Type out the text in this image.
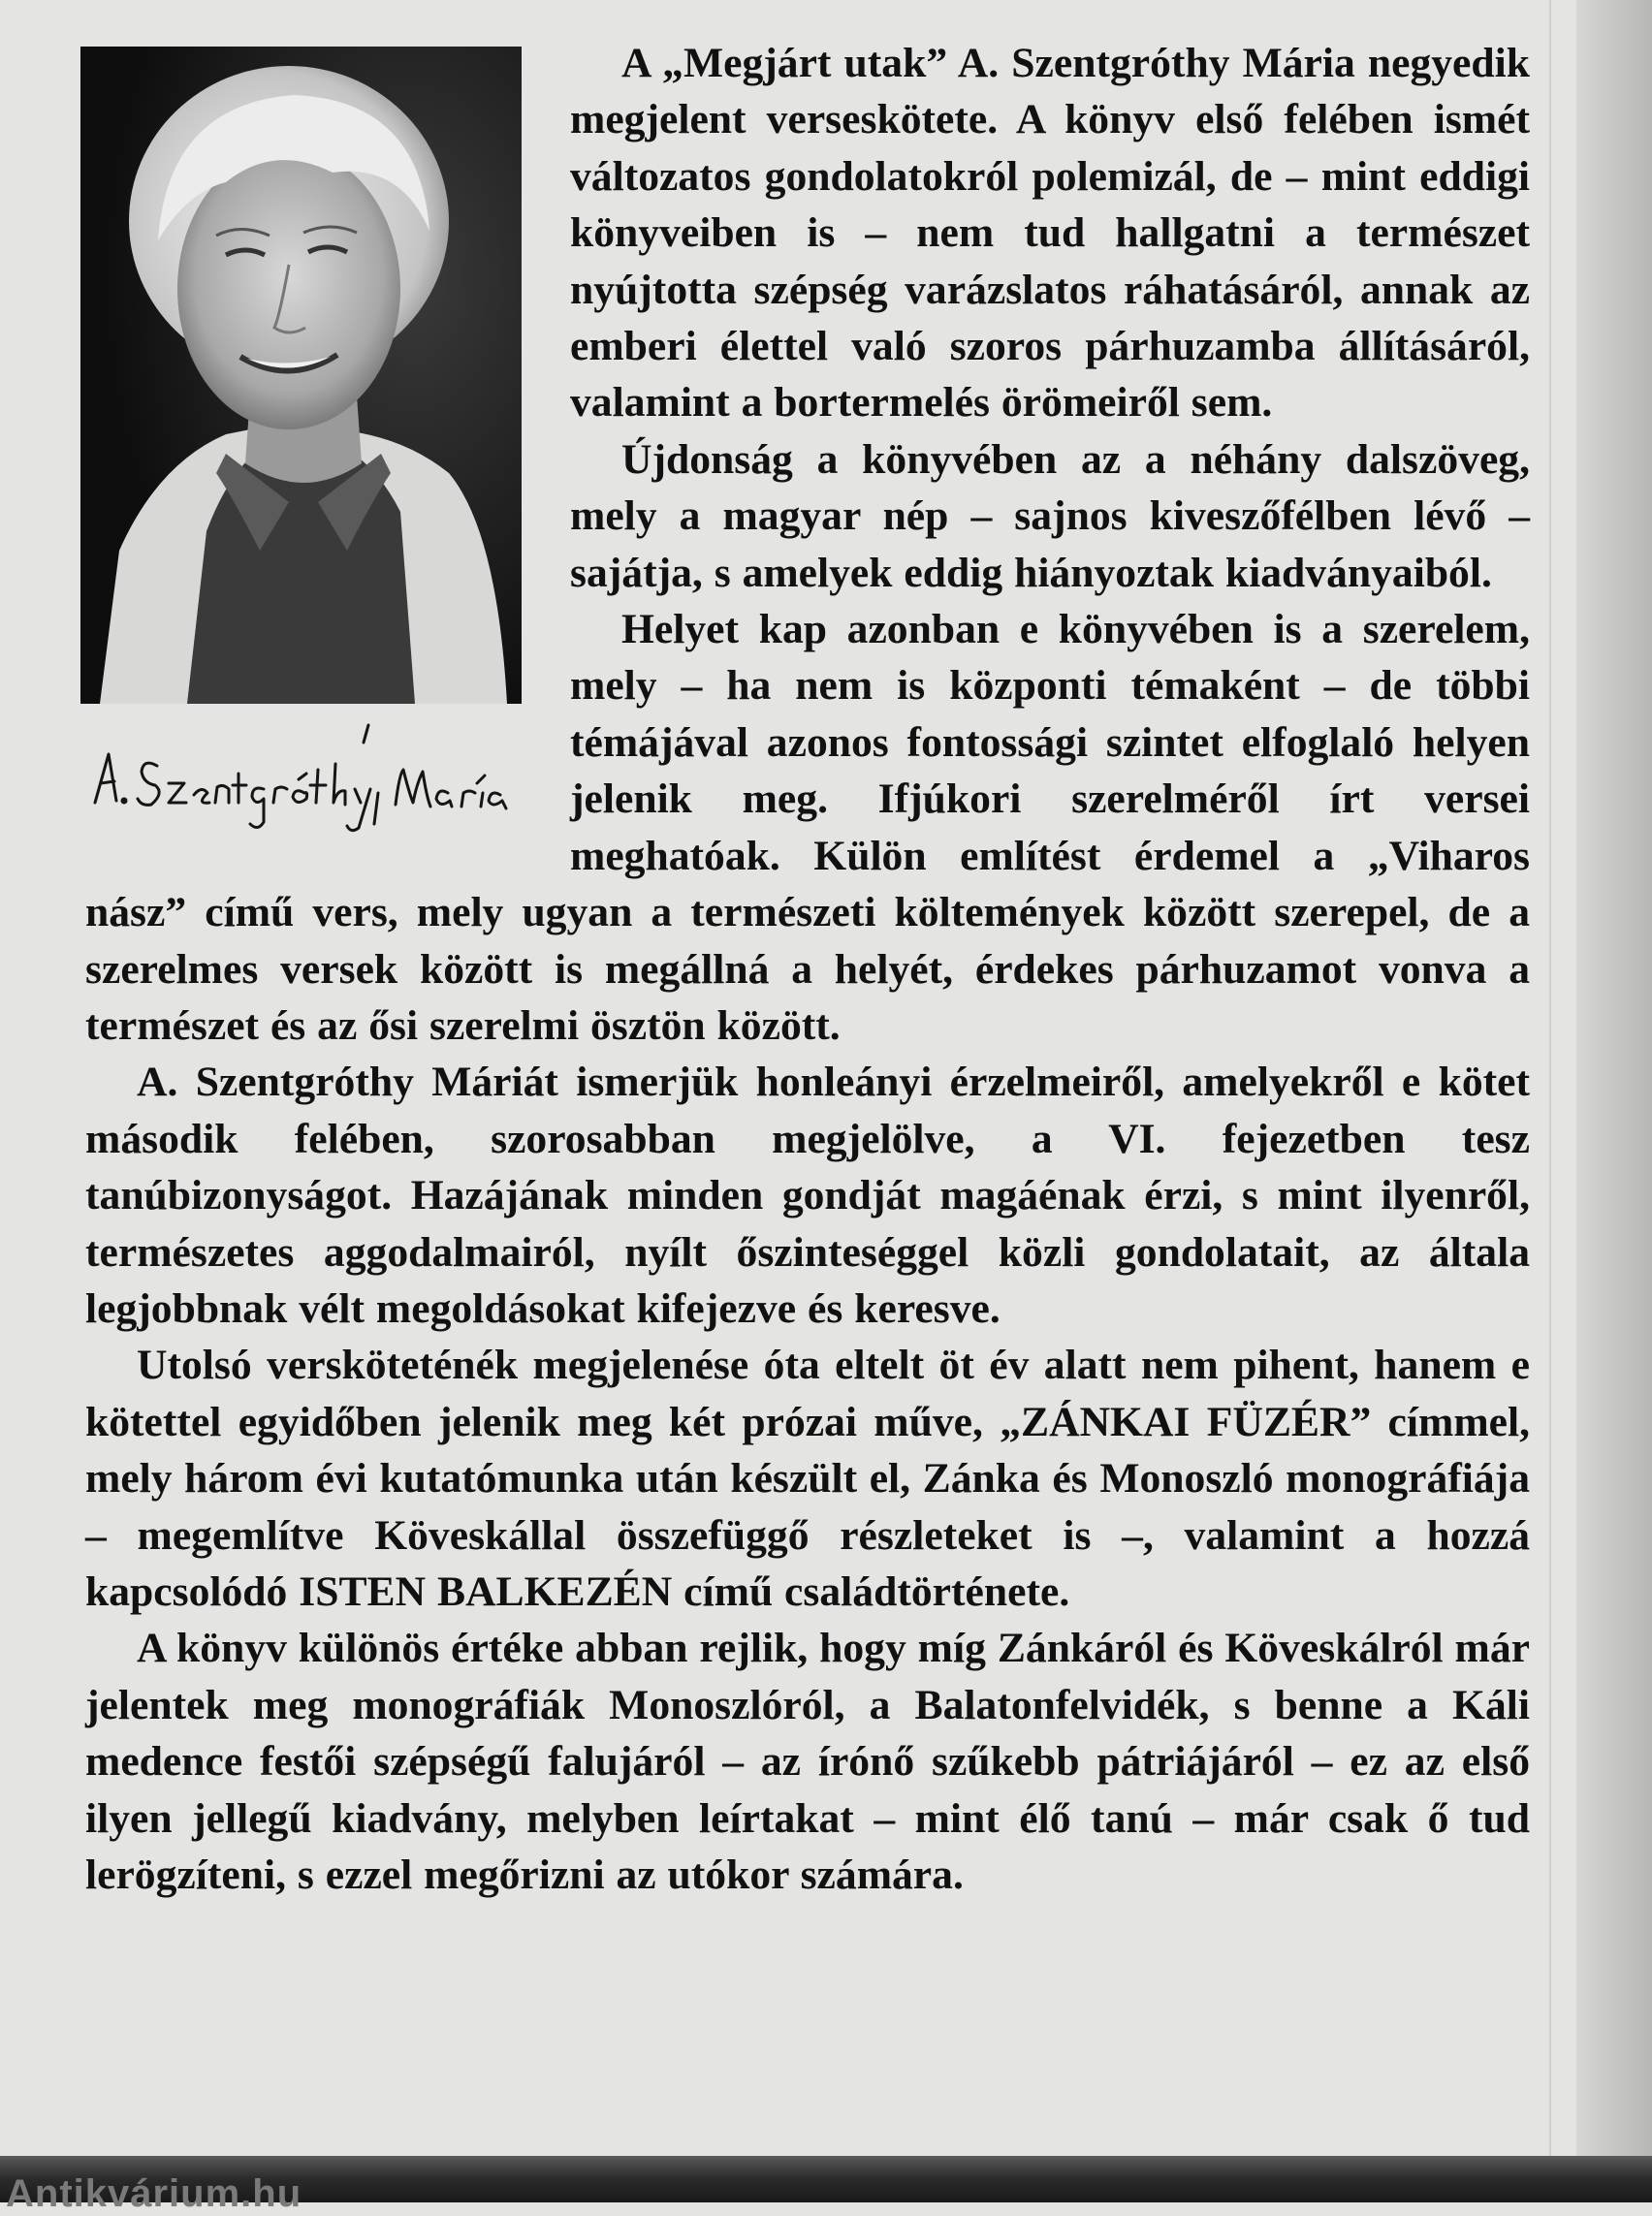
A „Megjárt utak” A. Szentgróthy Mária negyedik megjelent verseskötete. A könyv első felében ismét változatos gondolatokról polemizál, de – mint eddigi könyveiben is – nem tud hallgatni a természet nyújtotta szépség varázslatos ráhatásáról, annak az emberi élettel való szoros párhuzamba állításáról, valamint a bortermelés örömeiről sem.

Újdonság a könyvében az a néhány dalszöveg, mely a magyar nép – sajnos kiveszőfélben lévő – sajátja, s amelyek eddig hiányoztak kiadványaiból.

Helyet kap azonban e könyvében is a szerelem, mely – ha nem is központi témaként – de többi témájával azonos fontossági szintet elfoglaló helyen jelenik meg. Ifjúkori szerelméről írt versei meghatóak. Külön említést érdemel a „Viharos nász” című vers, mely ugyan a természeti költemények között szerepel, de a szerelmes versek között is megállná a helyét, érdekes párhuzamot vonva a természet és az ősi szerelmi ösztön között.

A. Szentgróthy Máriát ismerjük honleányi érzelmeiről, amelyekről e kötet második felében, szorosabban megjelölve, a VI. fejezetben tesz tanúbizonyságot. Hazájának minden gondját magáénak érzi, s mint ilyenről, természetes aggodalmairól, nyílt őszinteséggel közli gondolatait, az általa legjobbnak vélt megoldásokat kifejezve és keresve.

Utolsó versköteténék megjelenése óta eltelt öt év alatt nem pihent, hanem e kötettel egyidőben jelenik meg két prózai műve, „ZÁNKAI FÜZÉR” címmel, mely három évi kutatómunka után készült el, Zánka és Monoszló monográfiája – megemlítve Köveskállal összefüggő részleteket is –, valamint a hozzá kapcsolódó ISTEN BALKEZÉN című családtörténete.

A könyv különös értéke abban rejlik, hogy míg Zánkáról és Köveskálról már jelentek meg monográfiák Monoszlóról, a Balatonfelvidék, s benne a Káli medence festői szépségű falujáról – az írónő szűkebb pátriájáról – ez az első ilyen jellegű kiadvány, melyben leírtakat – mint élő tanú – már csak ő tud lerögzíteni, s ezzel megőrizni az utókor számára.

Antikvárium.hu
